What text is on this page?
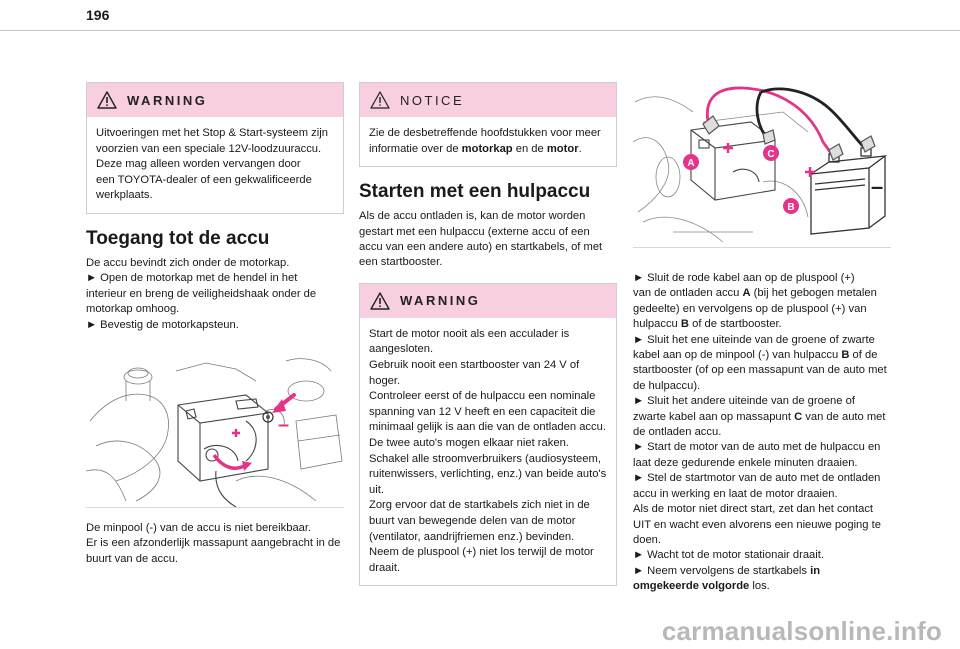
196
WARNING
Uitvoeringen met het Stop & Start-systeem zijn
voorzien van een speciale 12V-loodzuuraccu.
Deze mag alleen worden vervangen door
een TOYOTA-dealer of een gekwalificeerde
werkplaats.
Toegang tot de accu
De accu bevindt zich onder de motorkap.
► Open de motorkap met de hendel in het
interieur en breng de veiligheidshaak onder de
motorkap omhoog.
► Bevestig de motorkapsteun.
–
De minpool (-) van de accu is niet bereikbaar.
Er is een afzonderlijk massapunt aangebracht in de
buurt van de accu.
NOTICE
Zie de desbetreffende hoofdstukken voor meer
informatie over de motorkap en de motor.
Starten met een hulpaccu
Als de accu ontladen is, kan de motor worden
gestart met een hulpaccu (externe accu of een
accu van een andere auto) en startkabels, of met
een startbooster.
WARNING
Start de motor nooit als een acculader is
aangesloten.
Gebruik nooit een startbooster van 24 V of
hoger.
Controleer eerst of de hulpaccu een nominale
spanning van 12 V heeft en een capaciteit die
minimaal gelijk is aan die van de ontladen accu.
De twee auto's mogen elkaar niet raken.
Schakel alle stroomverbruikers (audiosysteem,
ruitenwissers, verlichting, enz.) van beide auto's
uit.
Zorg ervoor dat de startkabels zich niet in de
buurt van bewegende delen van de motor
(ventilator, aandrijfriemen enz.) bevinden.
Neem de pluspool (+) niet los terwijl de motor
draait.
–
A
C
B
► Sluit de rode kabel aan op de pluspool (+)
van de ontladen accu A (bij het gebogen metalen
gedeelte) en vervolgens op de pluspool (+) van
hulpaccu B of de startbooster.
► Sluit het ene uiteinde van de groene of zwarte
kabel aan op de minpool (-) van hulpaccu B of de
startbooster (of op een massapunt van de auto met
de hulpaccu).
► Sluit het andere uiteinde van de groene of
zwarte kabel aan op massapunt C van de auto met
de ontladen accu.
► Start de motor van de auto met de hulpaccu en
laat deze gedurende enkele minuten draaien.
► Stel de startmotor van de auto met de ontladen
accu in werking en laat de motor draaien.
Als de motor niet direct start, zet dan het contact
UIT en wacht even alvorens een nieuwe poging te
doen.
► Wacht tot de motor stationair draait.
► Neem vervolgens de startkabels in
omgekeerde volgorde los.
carmanualsonline.info
